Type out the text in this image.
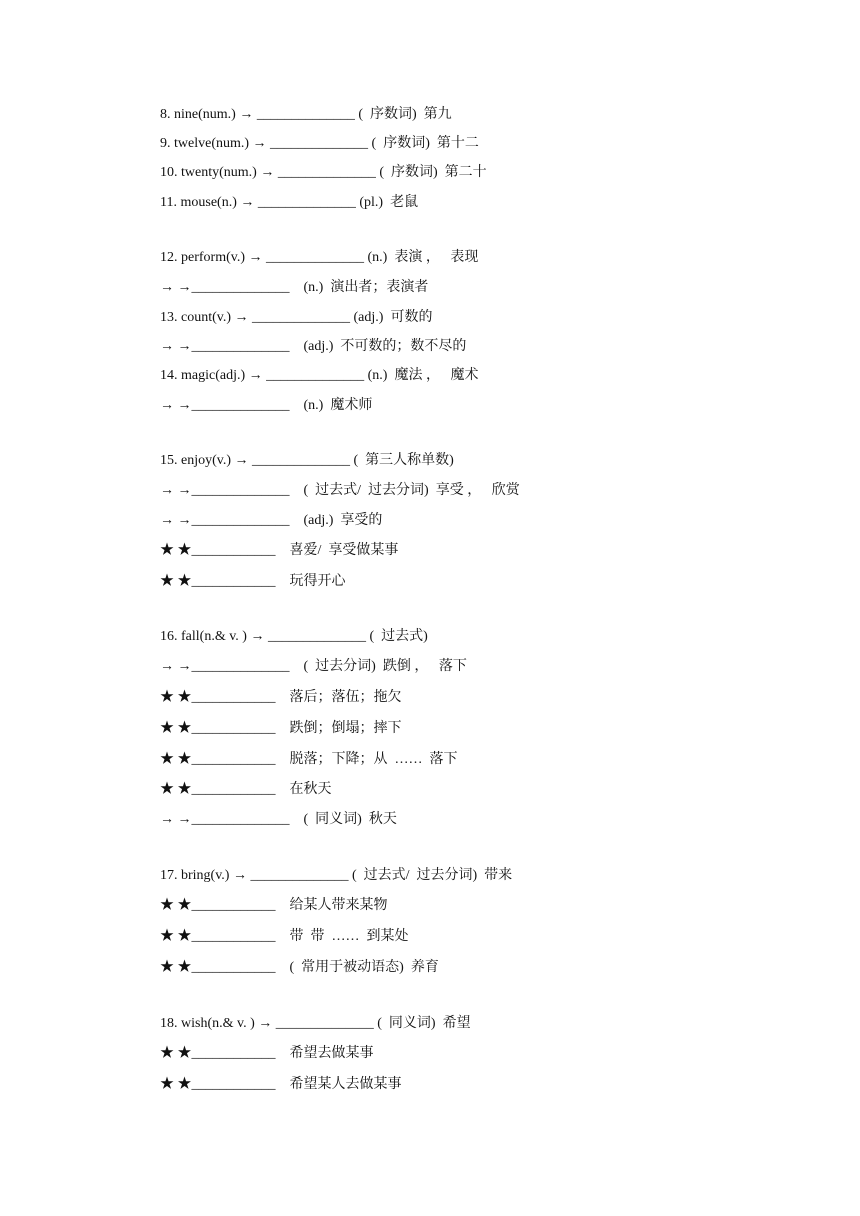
8. nine(num.) → ______________ (  序数词)  第九
9. twelve(num.) → ______________ (  序数词)  第十二
10. twenty(num.) → ______________ (  序数词)  第二十
11. mouse(n.) → ______________ (pl.)  老鼠
12. perform(v.) → ______________ (n.)  表演 ，   表现
→ →______________    (n.)  演出者；表演者
13. count(v.) → ______________ (adj.)  可数的
→ →______________    (adj.)  不可数的；数不尽的
14. magic(adj.) → ______________ (n.)  魔法 ，   魔术
→ →______________    (n.)  魔术师
15. enjoy(v.) → ______________ (  第三人称单数)
→ →______________    (  过去式/  过去分词)  享受 ，   欣赏
→ →______________    (adj.)  享受的
★ ★____________    喜爱/  享受做某事
★ ★____________    玩得开心
16. fall(n.& v. ) → ______________ (  过去式)
→ →______________    (  过去分词)  跌倒 ，   落下
★ ★____________    落后；落伍；拖欠
★ ★____________    跌倒；倒塌；摔下
★ ★____________    脱落；下降；从  ……  落下
★ ★____________    在秋天
→ →______________    (  同义词)  秋天
17. bring(v.) → ______________ (  过去式/  过去分词)  带来
★ ★____________    给某人带来某物
★ ★____________    带  带  ……  到某处
★ ★____________    (  常用于被动语态)  养育
18. wish(n.& v. ) → ______________ (  同义词)  希望
★ ★____________    希望去做某事
★ ★____________    希望某人去做某事
